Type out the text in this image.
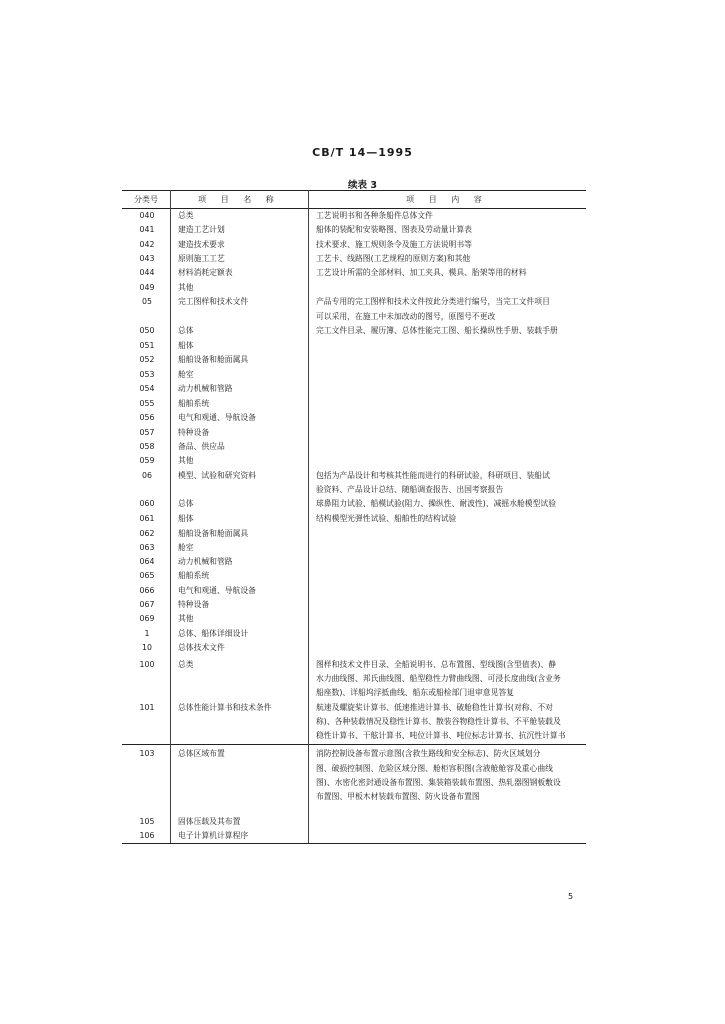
CB/T 14—1995
续表 3
分类号	项 目 名 称	项 目 内 容
040	总类	工艺说明书和各种条船件总体文件
041	建造工艺计划	船体的装配和安装略图、图表及劳动量计算表
042	建造技术要求	技术要求、施工规则条令及施工方法说明书等
043	原则施工工艺	工艺卡、线路图(工艺规程的原则方案)和其他
044	材料消耗定额表	工艺设计所需的全部材料、加工夹具、模具、胎架等用的材料
049	其他
05	完工图样和技术文件	产品专用的完工图样和技术文件按此分类进行编号，当完工文件项目
可以采用，在施工中未加改动的图号，原图号不更改
050	总体	完工文件目录、履历簿、总体性能完工图、船长操纵性手册、装载手册
051	船体
052	船舶设备和舱面属具
053	舱室
054	动力机械和管路
055	船舶系统
056	电气和观通、导航设备
057	特种设备
058	备品、供应品
059	其他
06	模型、试验和研究资料	包括为产品设计和考核其性能而进行的科研试验，科研项目、装船试
验资料、产品设计总结、随船调查报告、出国考察报告
060	总体	球鼻阻力试验、船模试验(阻力、操纵性、耐波性)、减摇水舱模型试验
061	船体	结构模型光弹性试验、船舶性的结构试验
062	船舶设备和舱面属具
063	舱室
064	动力机械和管路
065	船舶系统
066	电气和观通、导航设备
067	特种设备
069	其他
1	总体、船体详细设计
10	总体技术文件
100	总类	图样和技术文件目录、全船说明书、总布置图、型线图(含型值表)、静
水力曲线图、邦氏曲线图、船型稳性力臂曲线图、可浸长度曲线(含业务
船座数)、详船坞浮抵曲线、船东或船检部门退审意见答复
101	总体性能计算书和技术条件	航速及螺旋桨计算书、低速推进计算书、破舱稳性计算书(对称、不对
称)、各种装载情况及稳性计算书、散装谷物稳性计算书、不平舱装载及
稳性计算书、干舷计算书、吨位计算书、吨位标志计算书、抗沉性计算书
103	总体区域布置	消防控制设备布置示意图(含救生路线和安全标志)、防火区域划分
图、破损控制图、危险区域分图、舱柜容积图(含液舱舱容及重心曲线
图)、水密化密封通设备布置图、集装箱装载布置图、热轧器图钢板敷设
布置图、甲板木材装载布置图、防火设备布置图
105	固体压载及其布置
106	电子计算机计算程序
5
